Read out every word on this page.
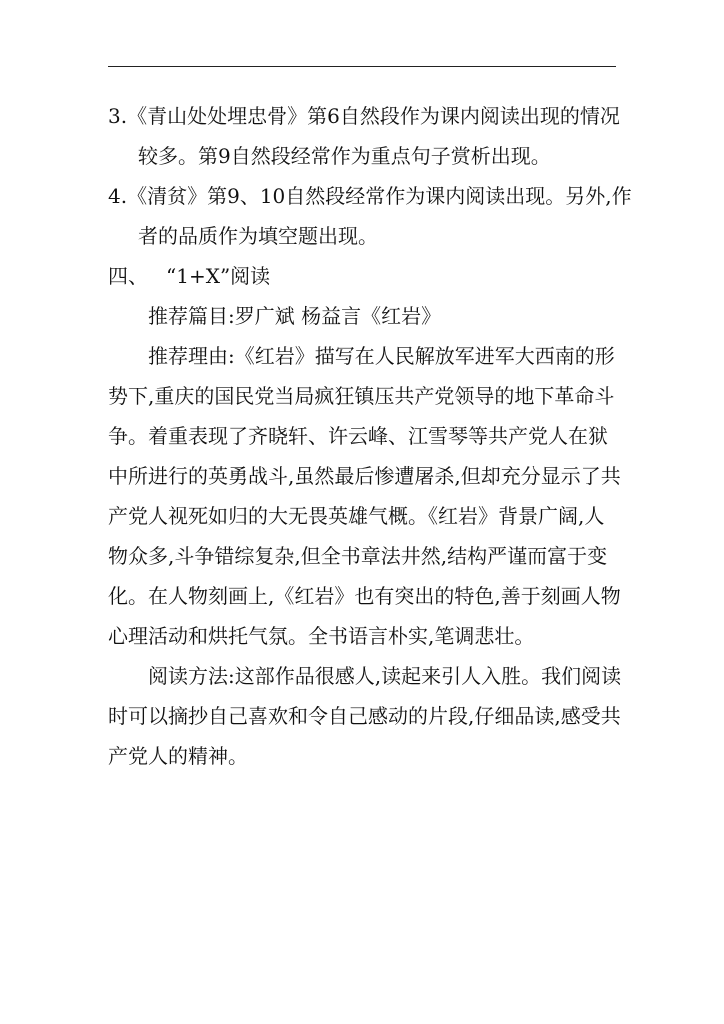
3.《青山处处埋忠骨》第6自然段作为课内阅读出现的情况
较多。第9自然段经常作为重点句子赏析出现。
4.《清贫》第9、10自然段经常作为课内阅读出现。另外,作
者的品质作为填空题出现。
四、 “1+X”阅读
推荐篇目:罗广斌 杨益言《红岩》
推荐理由:《红岩》描写在人民解放军进军大西南的形
势下,重庆的国民党当局疯狂镇压共产党领导的地下革命斗
争。着重表现了齐晓轩、许云峰、江雪琴等共产党人在狱
中所进行的英勇战斗,虽然最后惨遭屠杀,但却充分显示了共
产党人视死如归的大无畏英雄气概。《红岩》背景广阔,人
物众多,斗争错综复杂,但全书章法井然,结构严谨而富于变
化。在人物刻画上,《红岩》也有突出的特色,善于刻画人物
心理活动和烘托气氛。全书语言朴实,笔调悲壮。
阅读方法:这部作品很感人,读起来引人入胜。我们阅读
时可以摘抄自己喜欢和令自己感动的片段,仔细品读,感受共
产党人的精神。
